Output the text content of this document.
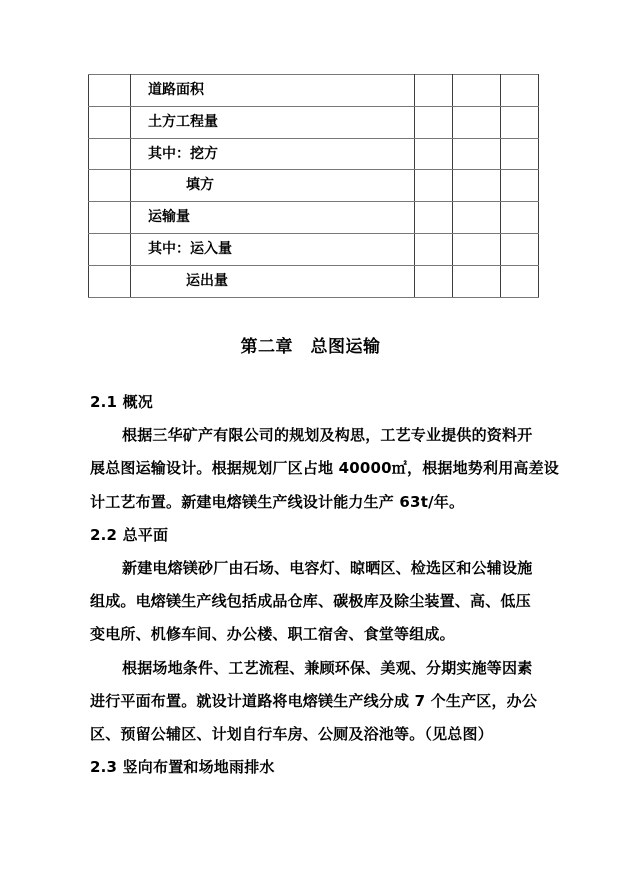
	道路面积			
	土方工程量			
	其中：挖方			
	填方			
	运输量			
	其中：运入量			
	运出量			
第二章　总图运输
2.1 概况
根据三华矿产有限公司的规划及构思，工艺专业提供的资料开
展总图运输设计。根据规划厂区占地 40000㎡，根据地势利用高差设
计工艺布置。新建电熔镁生产线设计能力生产 63t/年。
2.2 总平面
新建电熔镁砂厂由石场、电容灯、晾晒区、检选区和公辅设施
组成。电熔镁生产线包括成品仓库、碳极库及除尘装置、高、低压
变电所、机修车间、办公楼、职工宿舍、食堂等组成。
根据场地条件、工艺流程、兼顾环保、美观、分期实施等因素
进行平面布置。就设计道路将电熔镁生产线分成 7 个生产区，办公
区、预留公辅区、计划自行车房、公厕及浴池等。（见总图）
2.3 竖向布置和场地雨排水
